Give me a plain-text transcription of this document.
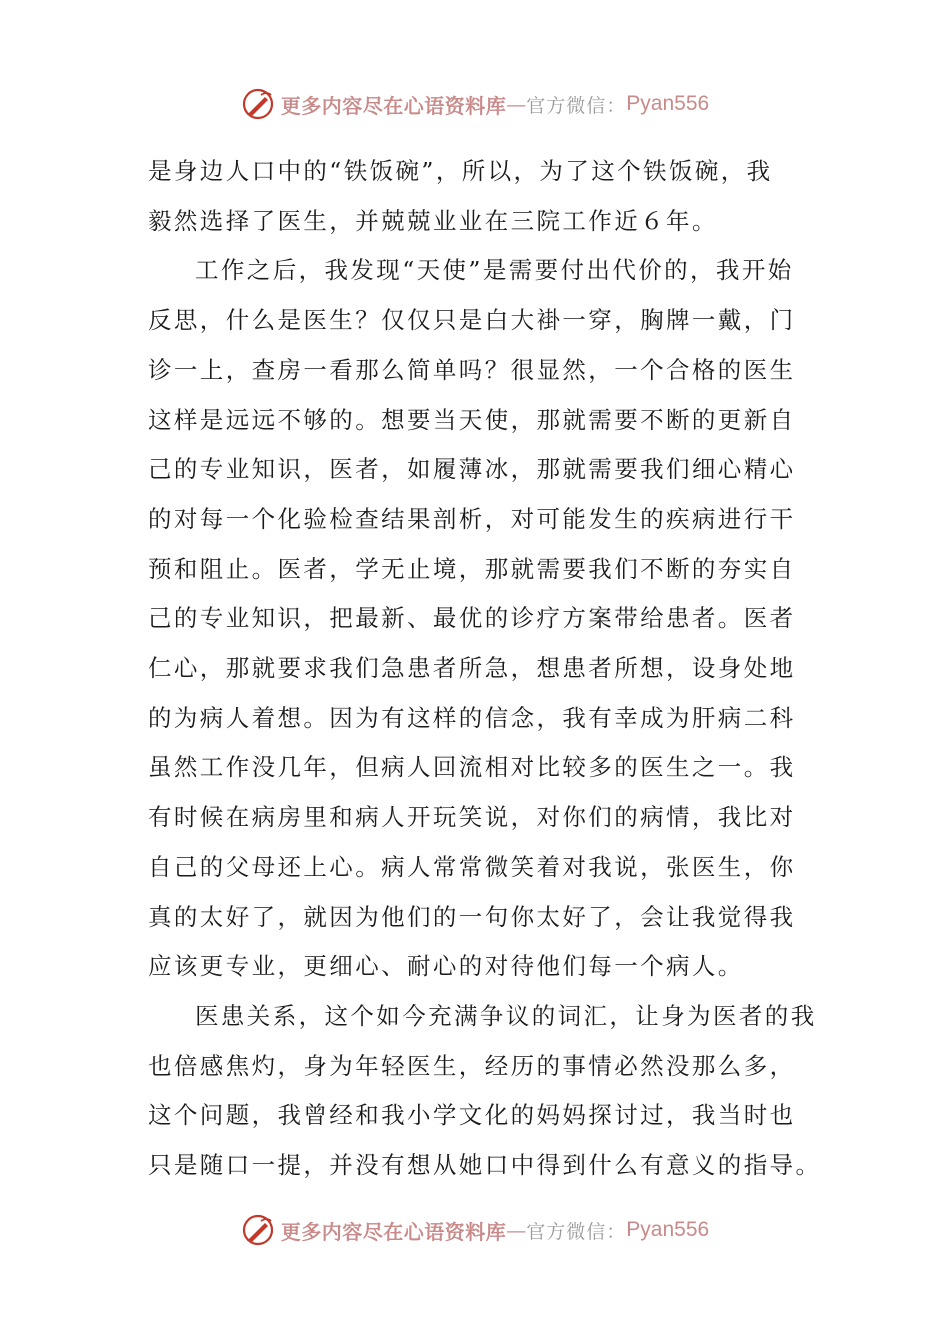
更多内容尽在心语资料库 — 官方微信： Pyan556
是身边人口中的“铁饭碗”，所以，为了这个铁饭碗，我
毅然选择了医生，并兢兢业业在三院工作近６年。
工作之后，我发现“天使”是需要付出代价的，我开始
反思，什么是医生？仅仅只是白大褂一穿，胸牌一戴，门
诊一上，查房一看那么简单吗？很显然，一个合格的医生
这样是远远不够的。想要当天使，那就需要不断的更新自
己的专业知识，医者，如履薄冰，那就需要我们细心精心
的对每一个化验检查结果剖析，对可能发生的疾病进行干
预和阻止。医者，学无止境，那就需要我们不断的夯实自
己的专业知识，把最新、最优的诊疗方案带给患者。医者
仁心，那就要求我们急患者所急，想患者所想，设身处地
的为病人着想。因为有这样的信念，我有幸成为肝病二科
虽然工作没几年，但病人回流相对比较多的医生之一。我
有时候在病房里和病人开玩笑说，对你们的病情，我比对
自己的父母还上心。病人常常微笑着对我说，张医生，你
真的太好了，就因为他们的一句你太好了，会让我觉得我
应该更专业，更细心、耐心的对待他们每一个病人。
医患关系，这个如今充满争议的词汇，让身为医者的我
也倍感焦灼，身为年轻医生，经历的事情必然没那么多，
这个问题，我曾经和我小学文化的妈妈探讨过，我当时也
只是随口一提，并没有想从她口中得到什么有意义的指导。
更多内容尽在心语资料库 — 官方微信： Pyan556
